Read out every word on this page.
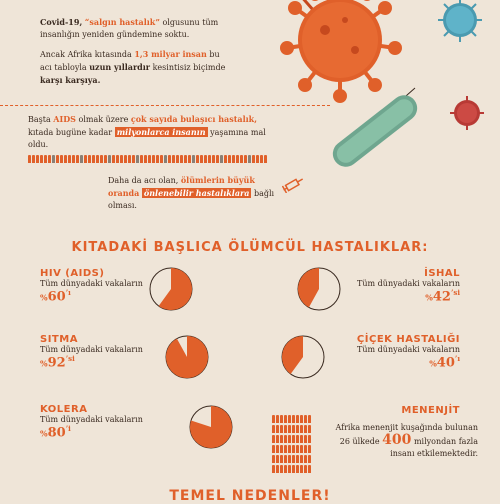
Covid-19, “salgın hastalık” olgusunu tüm insanlığın yeniden gündemine soktu.
Ancak Afrika kıtasında 1,3 milyar insan bu acı tabloyla uzun yıllardır kesintisiz biçimde karşı karşıya.
Başta AIDS olmak üzere çok sayıda bulaşıcı hastalık, kıtada bugüne kadar milyonlarca insanın yaşamına mal oldu.
Daha da acı olan, ölümlerin büyük oranda önlenebilir hastalıklara bağlı olması.
KITADAKİ BAŞLICA ÖLÜMCÜL HASTALIKLAR:
HIV (AIDS)
Tüm dünyadaki vakaların
$\%60^{’ı}$
İSHAL
Tüm dünyadaki vakaların
$\%42^{’si}$
SITMA
Tüm dünyadaki vakaların
$\%92^{’si}$
ÇİÇEK HASTALIĞI
Tüm dünyadaki vakaların
$\%40^{’ı}$
KOLERA
Tüm dünyadaki vakaların
$\%80^{’i}$
MENENJİT
Afrika menenjit kuşağında bulunan
26 ülkede 400 milyondan fazla
insanı etkilemektedir.
TEMEL NEDENLER!
